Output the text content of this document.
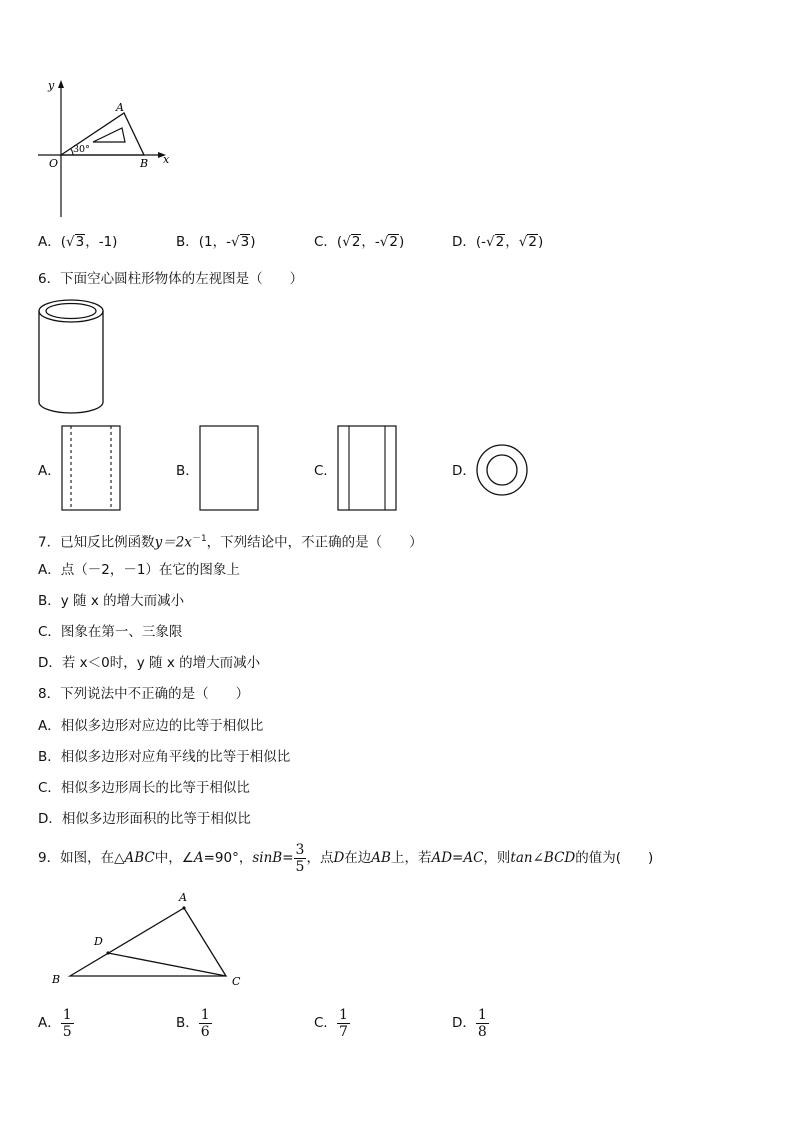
y
x
O
A
B
30°
A．(√3，-1)	B．(1，-√3)	C．(√2，-√2)	D．(-√2，√2)
6．下面空心圆柱形物体的左视图是（　　）
A．	B．	C．	D．
7．已知反比例函数$y=2x^{-1}$，下列结论中，不正确的是（　　）
A．点（－2，－1）在它的图象上
B．y 随 x 的增大而减小
C．图象在第一、三象限
D．若 x＜0时，y 随 x 的增大而减小
8．下列说法中不正确的是（　　）
A．相似多边形对应边的比等于相似比
B．相似多边形对应角平线的比等于相似比
C．相似多边形周长的比等于相似比
D．相似多边形面积的比等于相似比
9．如图，在△ ABC 中，∠ A =90°， $\sin B= \frac{3}{5}$ ，点 D 在边 AB 上，若 AD=AC ，则 tan∠BCD 的值为(　　)
A
B	C
D
A． $\frac{1}{5}$	B． $\frac{1}{6}$	C． $\frac{1}{7}$	D． $\frac{1}{8}$
